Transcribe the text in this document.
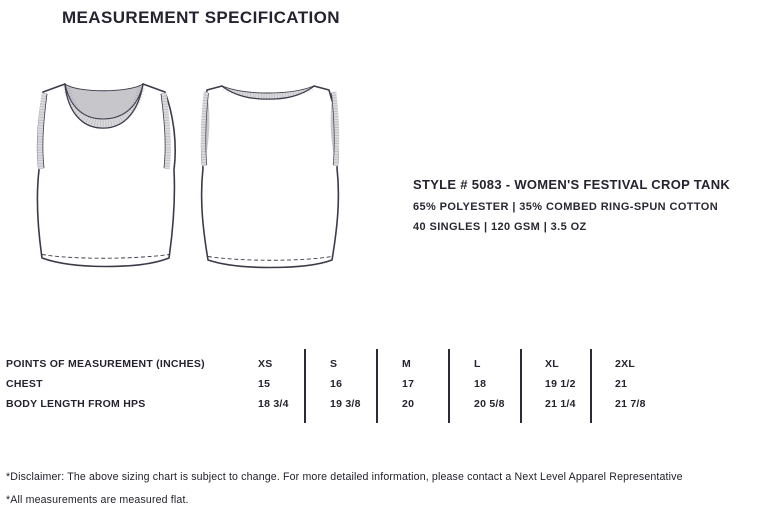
MEASUREMENT SPECIFICATION
STYLE # 5083 - WOMEN'S FESTIVAL CROP TANK
65% POLYESTER | 35% COMBED RING-SPUN COTTON
40 SINGLES | 120 GSM | 3.5 OZ
POINTS OF MEASUREMENT (INCHES)
CHEST
BODY LENGTH FROM HPS
XS
15
18 3/4
S
16
19 3/8
M
17
20
L
18
20 5/8
XL
19 1/2
21 1/4
2XL
21
21 7/8

*Disclaimer: The above sizing chart is subject to change. For more detailed information, please contact a Next Level Apparel Representative

*All measurements are measured flat.
